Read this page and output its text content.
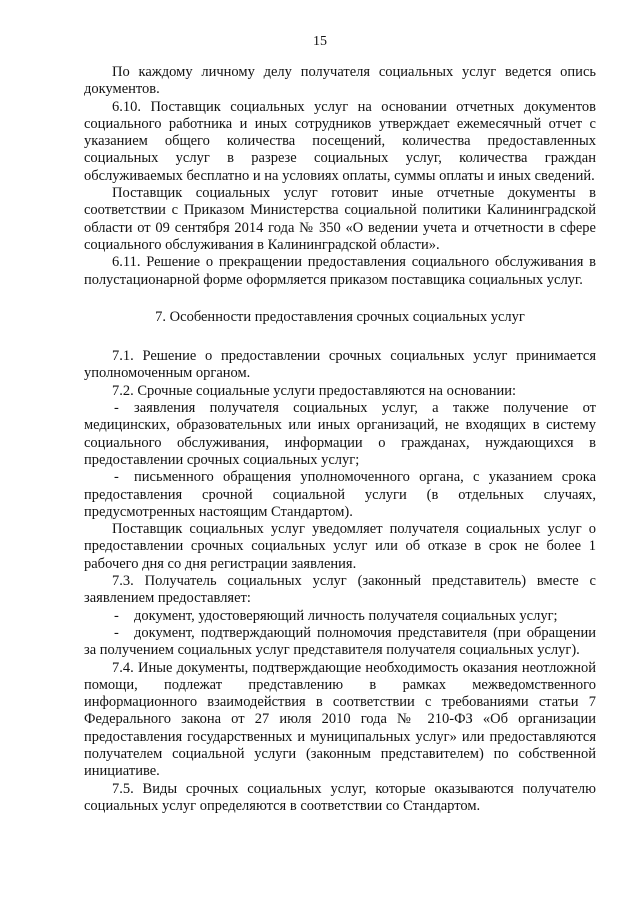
15

По каждому личному делу получателя социальных услуг ведется опись документов.

6.10. Поставщик социальных услуг на основании отчетных документов социального работника и иных сотрудников утверждает ежемесячный отчет с указанием общего количества посещений, количества предоставленных социальных услуг в разрезе социальных услуг, количества граждан обслуживаемых бесплатно и на условиях оплаты, суммы оплаты и иных сведений.

Поставщик социальных услуг готовит иные отчетные документы в соответствии с Приказом Министерства социальной политики Калининградской области от 09 сентября 2014 года № 350 «О ведении учета и отчетности в сфере социального обслуживания в Калининградской области».

6.11. Решение о прекращении предоставления социального обслуживания в полустационарной форме оформляется приказом поставщика социальных услуг.

7. Особенности предоставления срочных социальных услуг

7.1. Решение о предоставлении срочных социальных услуг принимается уполномоченным органом.

7.2. Срочные социальные услуги предоставляются на основании:

- заявления получателя социальных услуг, а также получение от медицинских, образовательных или иных организаций, не входящих в систему социального обслуживания, информации о гражданах, нуждающихся в предоставлении срочных социальных услуг;

- письменного обращения уполномоченного органа, с указанием срока предоставления срочной социальной услуги (в отдельных случаях, предусмотренных настоящим Стандартом).

Поставщик социальных услуг уведомляет получателя социальных услуг о предоставлении срочных социальных услуг или об отказе в срок не более 1 рабочего дня со дня регистрации заявления.

7.3. Получатель социальных услуг (законный представитель) вместе с заявлением предоставляет:

- документ, удостоверяющий личность получателя социальных услуг;

- документ, подтверждающий полномочия представителя (при обращении за получением социальных услуг представителя получателя социальных услуг).

7.4. Иные документы, подтверждающие необходимость оказания неотложной помощи, подлежат представлению в рамках межведомственного информационного взаимодействия в соответствии с требованиями статьи 7 Федерального закона от 27 июля 2010 года № 210-ФЗ «Об организации предоставления государственных и муниципальных услуг» или предоставляются получателем социальной услуги (законным представителем) по собственной инициативе.

7.5. Виды срочных социальных услуг, которые оказываются получателю социальных услуг определяются в соответствии со Стандартом.
